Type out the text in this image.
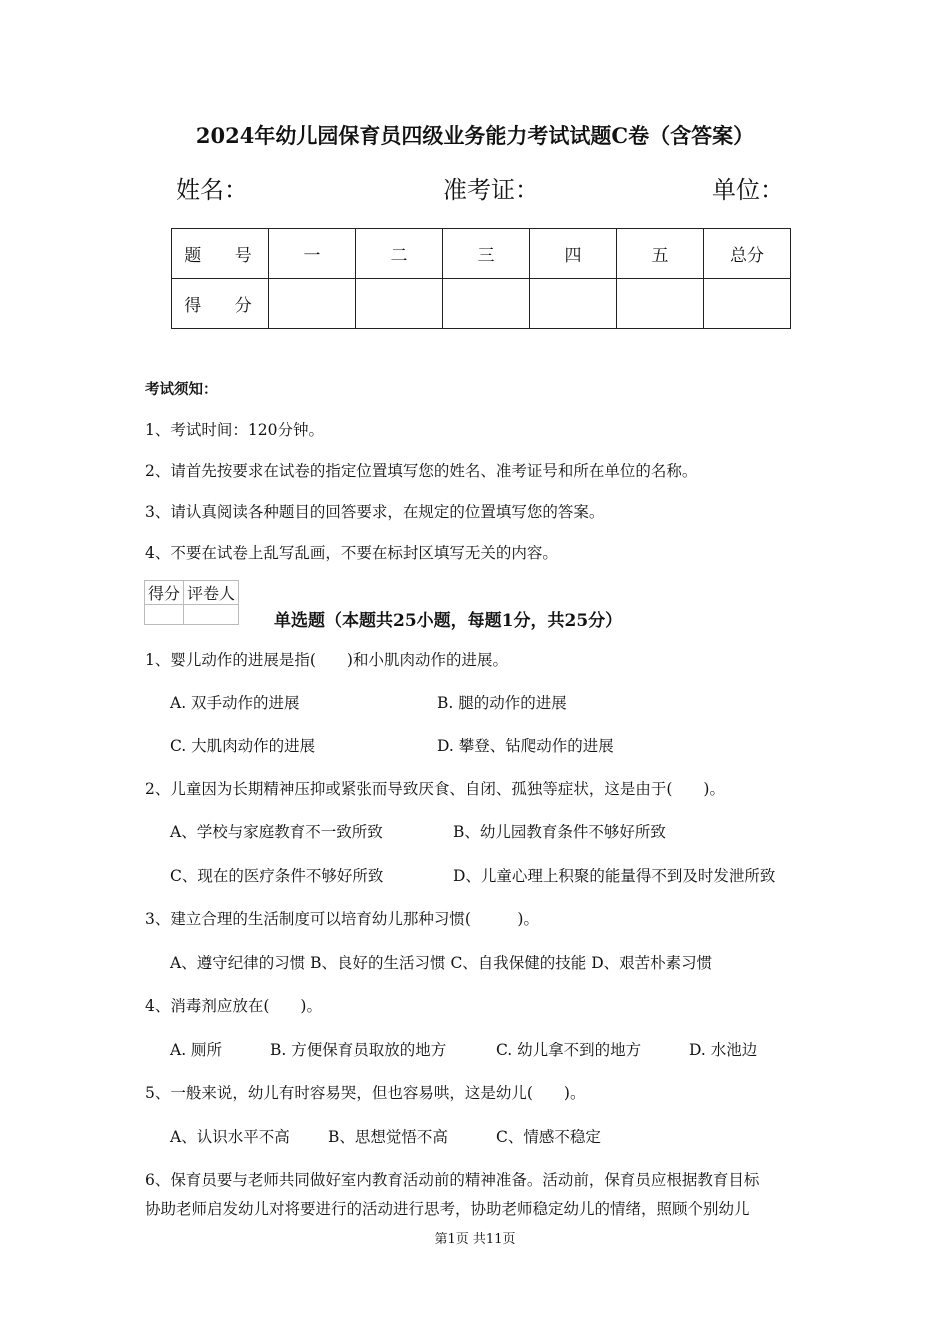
2024年幼儿园保育员四级业务能力考试试题C卷（含答案）
姓名：	准考证：	单位：
题 号	一	二	三	四	五	总分
得 分						
考试须知：
1、考试时间：120分钟。
2、请首先按要求在试卷的指定位置填写您的姓名、准考证号和所在单位的名称。
3、请认真阅读各种题目的回答要求，在规定的位置填写您的答案。
4、不要在试卷上乱写乱画，不要在标封区填写无关的内容。
得分	评卷人

单选题（本题共25小题，每题1分，共25分）
1、婴儿动作的进展是指(　　)和小肌肉动作的进展。
A. 双手动作的进展	B. 腿的动作的进展
C. 大肌肉动作的进展	D. 攀登、钻爬动作的进展
2、儿童因为长期精神压抑或紧张而导致厌食、自闭、孤独等症状，这是由于(　　)。
A、学校与家庭教育不一致所致	B、幼儿园教育条件不够好所致
C、现在的医疗条件不够好所致	D、儿童心理上积聚的能量得不到及时发泄所致
3、建立合理的生活制度可以培育幼儿那种习惯(　　　)。
A、遵守纪律的习惯 B、良好的生活习惯 C、自我保健的技能 D、艰苦朴素习惯
4、消毒剂应放在(　　)。
A. 厕所	B. 方便保育员取放的地方	C. 幼儿拿不到的地方	D. 水池边
5、一般来说，幼儿有时容易哭，但也容易哄，这是幼儿(　　)。
A、认识水平不高 B、思想觉悟不高	C、情感不稳定
6、保育员要与老师共同做好室内教育活动前的精神准备。活动前，保育员应根据教育目标
协助老师启发幼儿对将要进行的活动进行思考，协助老师稳定幼儿的情绪，照顾个别幼儿
第1页 共11页
